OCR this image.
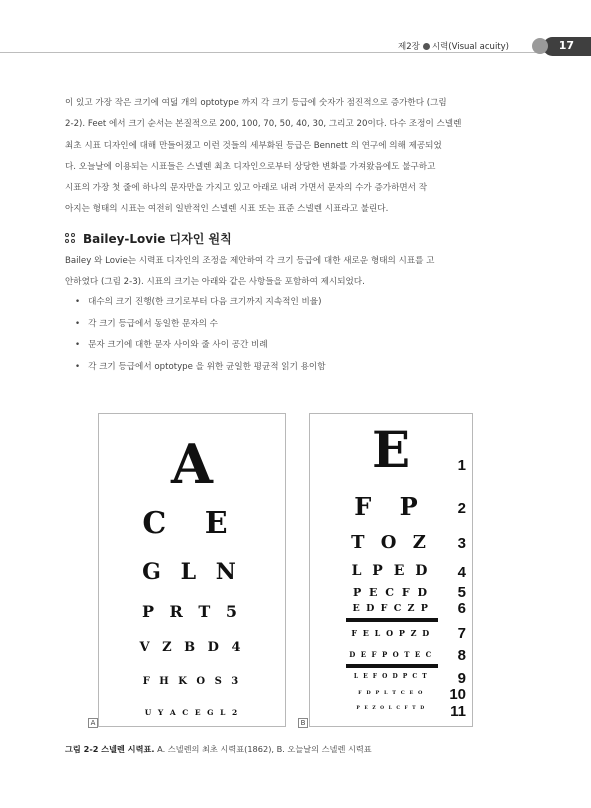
제2장 시력(Visual acuity)	17
이 있고 가장 작은 크기에 여덟 개의 optotype 까지 각 크기 등급에 숫자가 점진적으로 증가한다 (그림
2-2). Feet 에서 크기 순서는 본질적으로 200, 100, 70, 50, 40, 30, 그리고 20이다. 다수 조정이 스넬렌
최초 시표 디자인에 대해 만들어졌고 이런 것들의 세부화된 등급은 Bennett 의 연구에 의해 제공되었
다. 오늘날에 이용되는 시표들은 스넬렌 최초 디자인으로부터 상당한 변화를 가져왔음에도 불구하고
시표의 가장 첫 줄에 하나의 문자만을 가지고 있고 아래로 내려 가면서 문자의 수가 증가하면서 작
아지는 형태의 시표는 여전히 일반적인 스넬렌 시표 또는 표준 스넬렌 시표라고 불린다.
Bailey-Lovie 디자인 원칙
Bailey 와 Lovie는 시력표 디자인의 조정을 제안하여 각 크기 등급에 대한 새로운 형태의 시표를 고
안하였다 (그림 2-3). 시표의 크기는 아래와 같은 사항들을 포함하여 제시되었다.
• 대수의 크기 진행(한 크기로부터 다음 크기까지 지속적인 비율)
• 각 크기 등급에서 동일한 문자의 수
• 문자 크기에 대한 문자 사이와 줄 사이 공간 비례
• 각 크기 등급에서 optotype 을 위한 균일한 평균적 읽기 용이함
A
C E
G L N
P R T 5
V Z B D 4
F H K O S 3
U Y A C E G L 2
A
E
F P
T O Z
L P E D
P E C F D
E D F C Z P
F E L O P Z D
D E F P O T E C
L E F O D P C T
F D P L T C E O
P E Z O L C F T D
1
2
3
4
5
6
7
8
9
10
11
B
그림 2-2 스넬렌 시력표. A. 스넬렌의 최초 시력표(1862), B. 오늘날의 스넬렌 시력표
